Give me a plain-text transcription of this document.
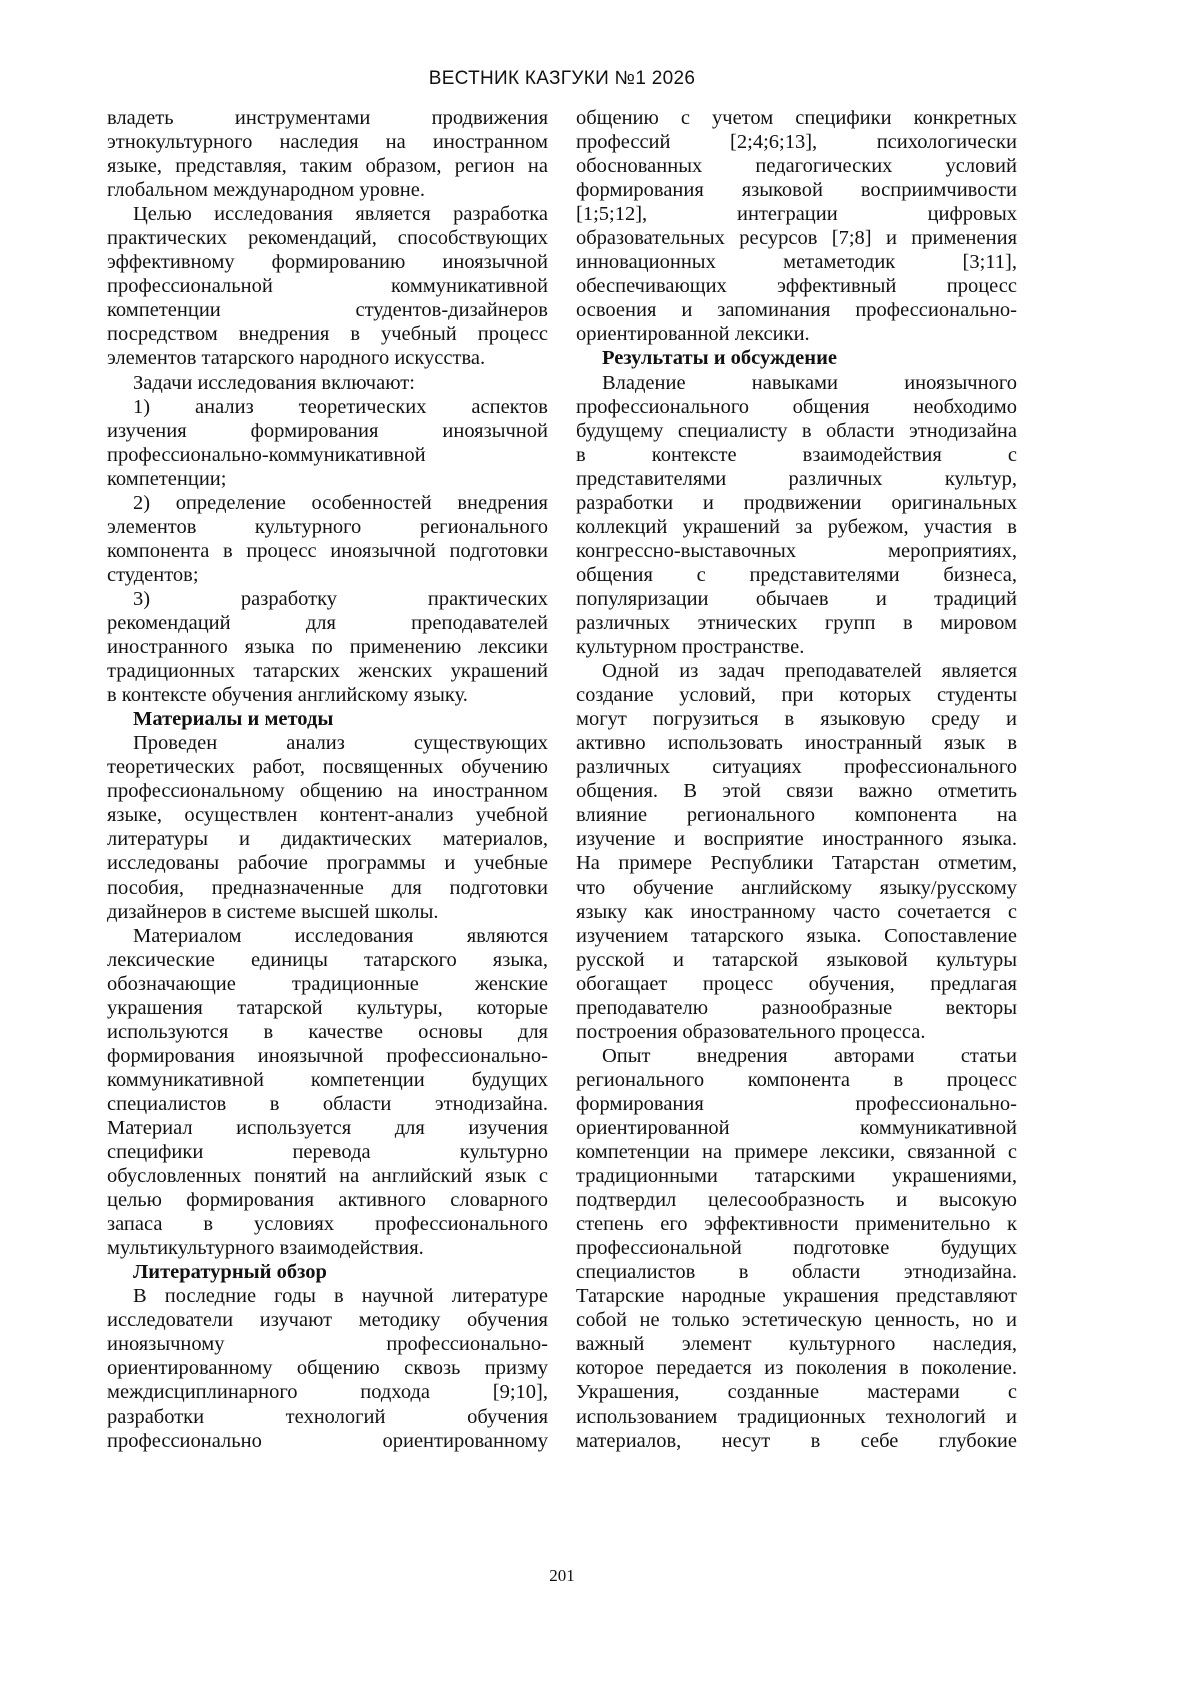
ВЕСТНИК КАЗГУКИ №1 2026
владеть инструментами продвижения
этнокультурного наследия на иностранном
языке, представляя, таким образом, регион на
глобальном международном уровне.
Целью исследования является разработка
практических рекомендаций, способствующих
эффективному формированию иноязычной
профессиональной коммуникативной
компетенции студентов-дизайнеров
посредством внедрения в учебный процесс
элементов татарского народного искусства.
Задачи исследования включают:
1) анализ теоретических аспектов
изучения формирования иноязычной
профессионально-коммуникативной
компетенции;
2) определение особенностей внедрения
элементов культурного регионального
компонента в процесс иноязычной подготовки
студентов;
3) разработку практических
рекомендаций для преподавателей
иностранного языка по применению лексики
традиционных татарских женских украшений
в контексте обучения английскому языку.
Материалы и методы
Проведен анализ существующих
теоретических работ, посвященных обучению
профессиональному общению на иностранном
языке, осуществлен контент-анализ учебной
литературы и дидактических материалов,
исследованы рабочие программы и учебные
пособия, предназначенные для подготовки
дизайнеров в системе высшей школы.
Материалом исследования являются
лексические единицы татарского языка,
обозначающие традиционные женские
украшения татарской культуры, которые
используются в качестве основы для
формирования иноязычной профессионально-
коммуникативной компетенции будущих
специалистов в области этнодизайна.
Материал используется для изучения
специфики перевода культурно
обусловленных понятий на английский язык с
целью формирования активного словарного
запаса в условиях профессионального
мультикультурного взаимодействия.
Литературный обзор
В последние годы в научной литературе
исследователи изучают методику обучения
иноязычному профессионально-
ориентированному общению сквозь призму
междисциплинарного подхода [9;10],
разработки технологий обучения
профессионально ориентированному
общению с учетом специфики конкретных
профессий [2;4;6;13], психологически
обоснованных педагогических условий
формирования языковой восприимчивости
[1;5;12], интеграции цифровых
образовательных ресурсов [7;8] и применения
инновационных метаметодик [3;11],
обеспечивающих эффективный процесс
освоения и запоминания профессионально-
ориентированной лексики.
Результаты и обсуждение
Владение навыками иноязычного
профессионального общения необходимо
будущему специалисту в области этнодизайна
в контексте взаимодействия с
представителями различных культур,
разработки и продвижении оригинальных
коллекций украшений за рубежом, участия в
конгрессно-выставочных мероприятиях,
общения с представителями бизнеса,
популяризации обычаев и традиций
различных этнических групп в мировом
культурном пространстве.
Одной из задач преподавателей является
создание условий, при которых студенты
могут погрузиться в языковую среду и
активно использовать иностранный язык в
различных ситуациях профессионального
общения. В этой связи важно отметить
влияние регионального компонента на
изучение и восприятие иностранного языка.
На примере Республики Татарстан отметим,
что обучение английскому языку/русскому
языку как иностранному часто сочетается с
изучением татарского языка. Сопоставление
русской и татарской языковой культуры
обогащает процесс обучения, предлагая
преподавателю разнообразные векторы
построения образовательного процесса.
Опыт внедрения авторами статьи
регионального компонента в процесс
формирования профессионально-
ориентированной коммуникативной
компетенции на примере лексики, связанной с
традиционными татарскими украшениями,
подтвердил целесообразность и высокую
степень его эффективности применительно к
профессиональной подготовке будущих
специалистов в области этнодизайна.
Татарские народные украшения представляют
собой не только эстетическую ценность, но и
важный элемент культурного наследия,
которое передается из поколения в поколение.
Украшения, созданные мастерами с
использованием традиционных технологий и
материалов, несут в себе глубокие
201
